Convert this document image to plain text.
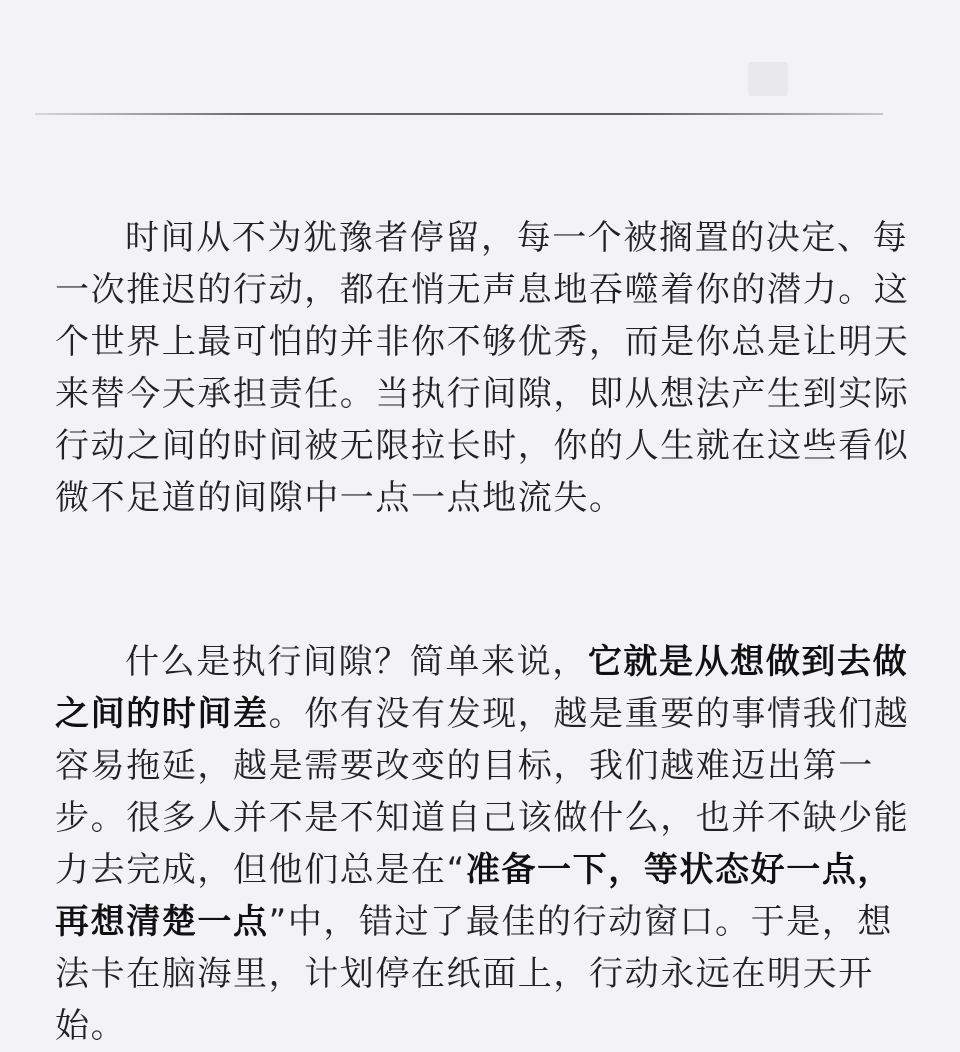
时间从不为犹豫者停留，每一个被搁置的决定、每一次推迟的行动，都在悄无声息地吞噬着你的潜力。这个世界上最可怕的并非你不够优秀，而是你总是让明天来替今天承担责任。当执行间隙，即从想法产生到实际行动之间的时间被无限拉长时，你的人生就在这些看似微不足道的间隙中一点一点地流失。

什么是执行间隙？简单来说，它就是从想做到去做之间的时间差。你有没有发现，越是重要的事情我们越容易拖延，越是需要改变的目标，我们越难迈出第一步。很多人并不是不知道自己该做什么，也并不缺少能力去完成，但他们总是在“准备一下，等状态好一点，再想清楚一点”中，错过了最佳的行动窗口。于是，想法卡在脑海里，计划停在纸面上，行动永远在明天开始。
